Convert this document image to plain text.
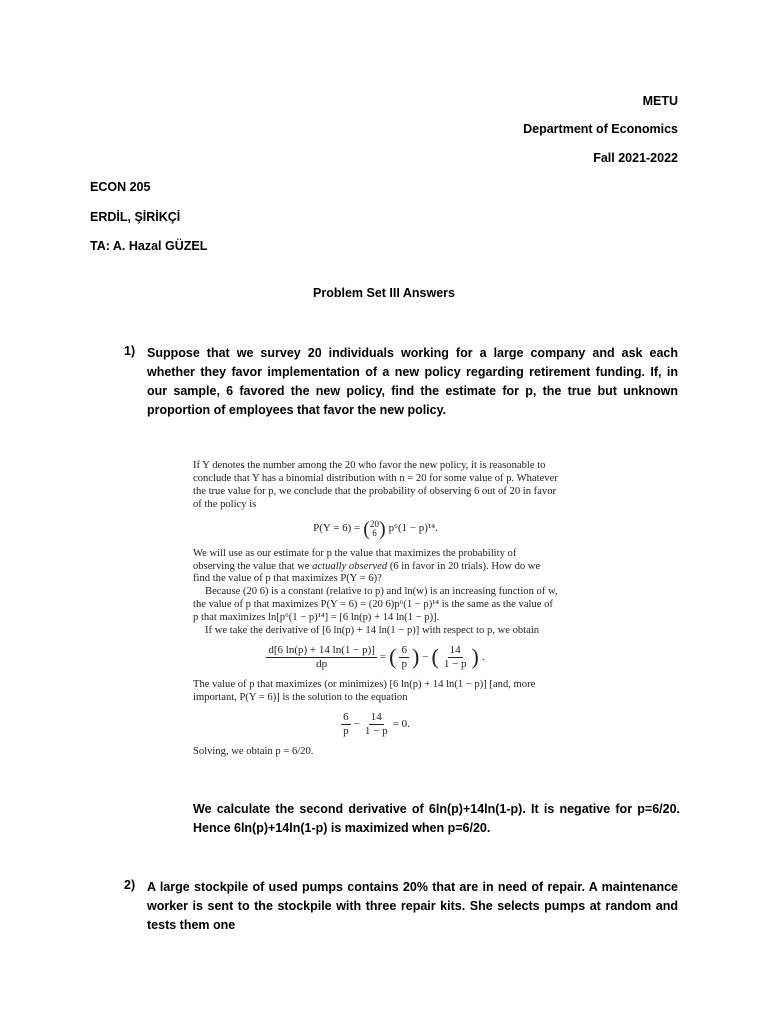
METU

Department of Economics

Fall 2021-2022

ECON 205

ERDİL, ŞİRİKÇİ

TA: A. Hazal GÜZEL

Problem Set III Answers

1) Suppose that we survey 20 individuals working for a large company and ask each whether they favor implementation of a new policy regarding retirement funding. If, in our sample, 6 favored the new policy, find the estimate for p, the true but unknown proportion of employees that favor the new policy.

If Y denotes the number among the 20 who favor the new policy, it is reasonable to conclude that Y has a binomial distribution with n = 20 for some value of p. Whatever the true value for p, we conclude that the probability of observing 6 out of 20 in favor of the policy is

P(Y = 6) = ( 20
6 ) p⁶(1 − p)¹⁴.

We will use as our estimate for p the value that maximizes the probability of observing the value that we actually observed (6 in favor in 20 trials). How do we find the value of p that maximizes P(Y = 6)?

Because (20 6) is a constant (relative to p) and ln(w) is an increasing function of w, the value of p that maximizes P(Y = 6) = (20 6)p⁶(1 − p)¹⁴ is the same as the value of p that maximizes ln[p⁶(1 − p)¹⁴] = [6 ln(p) + 14 ln(1 − p)].

If we take the derivative of [6 ln(p) + 14 ln(1 − p)] with respect to p, we obtain

$\frac{d[6 \ln(p) + 14 \ln(1 - p)]}{dp}$ = ( $\frac{6}{p}$ ) − ( $\frac{14}{1 - p}$ ) .

The value of p that maximizes (or minimizes) [6 ln(p) + 14 ln(1 − p)] [and, more important, P(Y = 6)] is the solution to the equation

$\frac{6}{p} - \frac{14}{1 - p} = 0$.

Solving, we obtain p = 6/20.

We calculate the second derivative of 6ln(p)+14ln(1-p). It is negative for p=6/20. Hence 6ln(p)+14ln(1-p) is maximized when p=6/20.

2) A large stockpile of used pumps contains 20% that are in need of repair. A maintenance worker is sent to the stockpile with three repair kits. She selects pumps at random and tests them one
